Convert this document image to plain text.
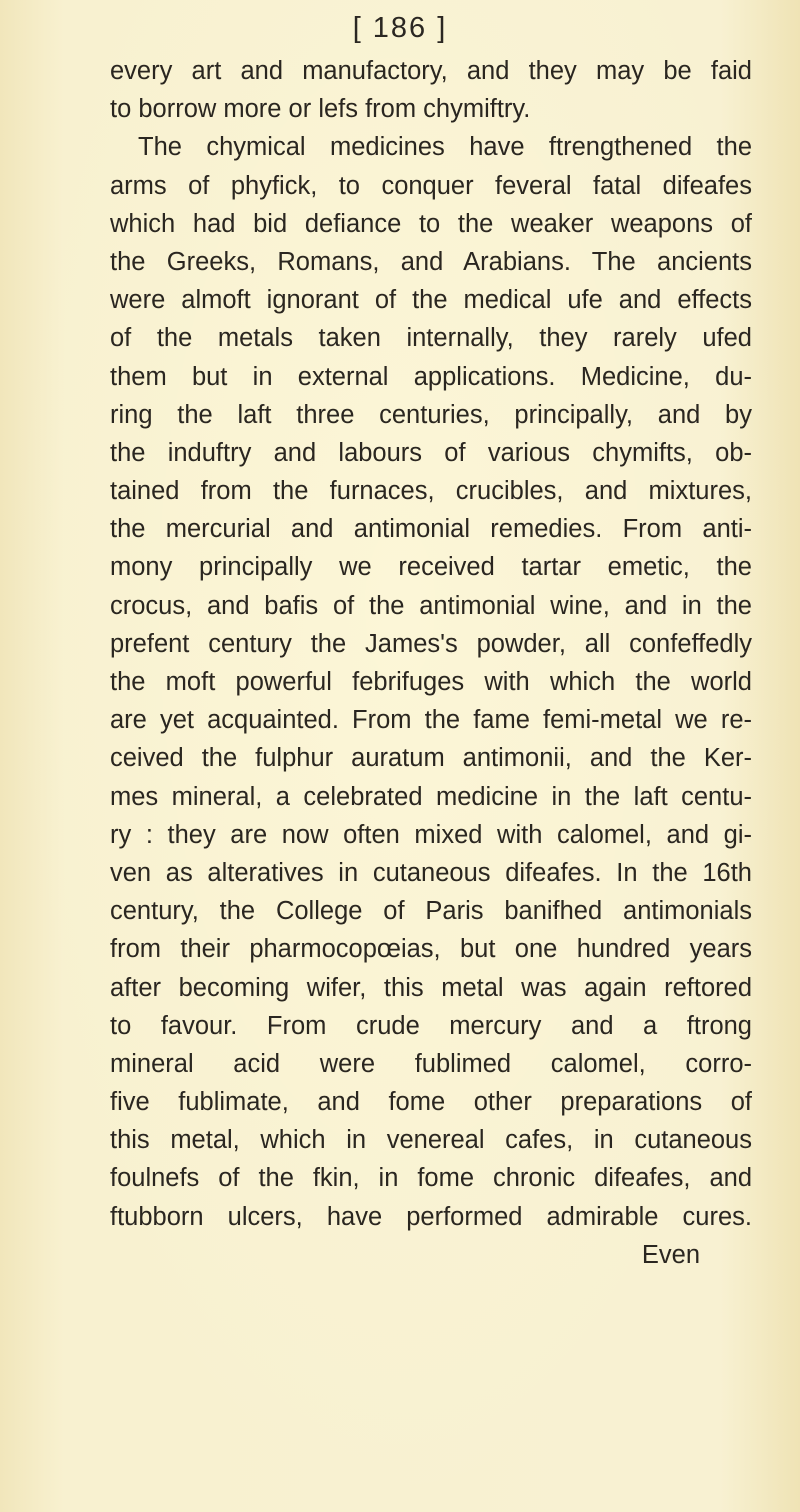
[ 186 ]
every art and manufactory, and they may be faid
to borrow more or lefs from chymiftry.
The chymical medicines have ftrengthened the
arms of phyfick, to conquer feveral fatal difeafes
which had bid defiance to the weaker weapons of
the Greeks, Romans, and Arabians. The ancients
were almoft ignorant of the medical ufe and effects
of the metals taken internally, they rarely ufed
them but in external applications. Medicine, du-
ring the laft three centuries, principally, and by
the induftry and labours of various chymifts, ob-
tained from the furnaces, crucibles, and mixtures,
the mercurial and antimonial remedies. From anti-
mony principally we received tartar emetic, the
crocus, and bafis of the antimonial wine, and in the
prefent century the James's powder, all confeffedly
the moft powerful febrifuges with which the world
are yet acquainted. From the fame femi-metal we re-
ceived the fulphur auratum antimonii, and the Ker-
mes mineral, a celebrated medicine in the laft centu-
ry : they are now often mixed with calomel, and gi-
ven as alteratives in cutaneous difeafes. In the 16th
century, the College of Paris banifhed antimonials
from their pharmocopœias, but one hundred years
after becoming wifer, this metal was again reftored
to favour. From crude mercury and a ftrong
mineral acid were fublimed calomel, corro-
five fublimate, and fome other preparations of
this metal, which in venereal cafes, in cutaneous
foulnefs of the fkin, in fome chronic difeafes, and
ftubborn ulcers, have performed admirable cures.
Even
